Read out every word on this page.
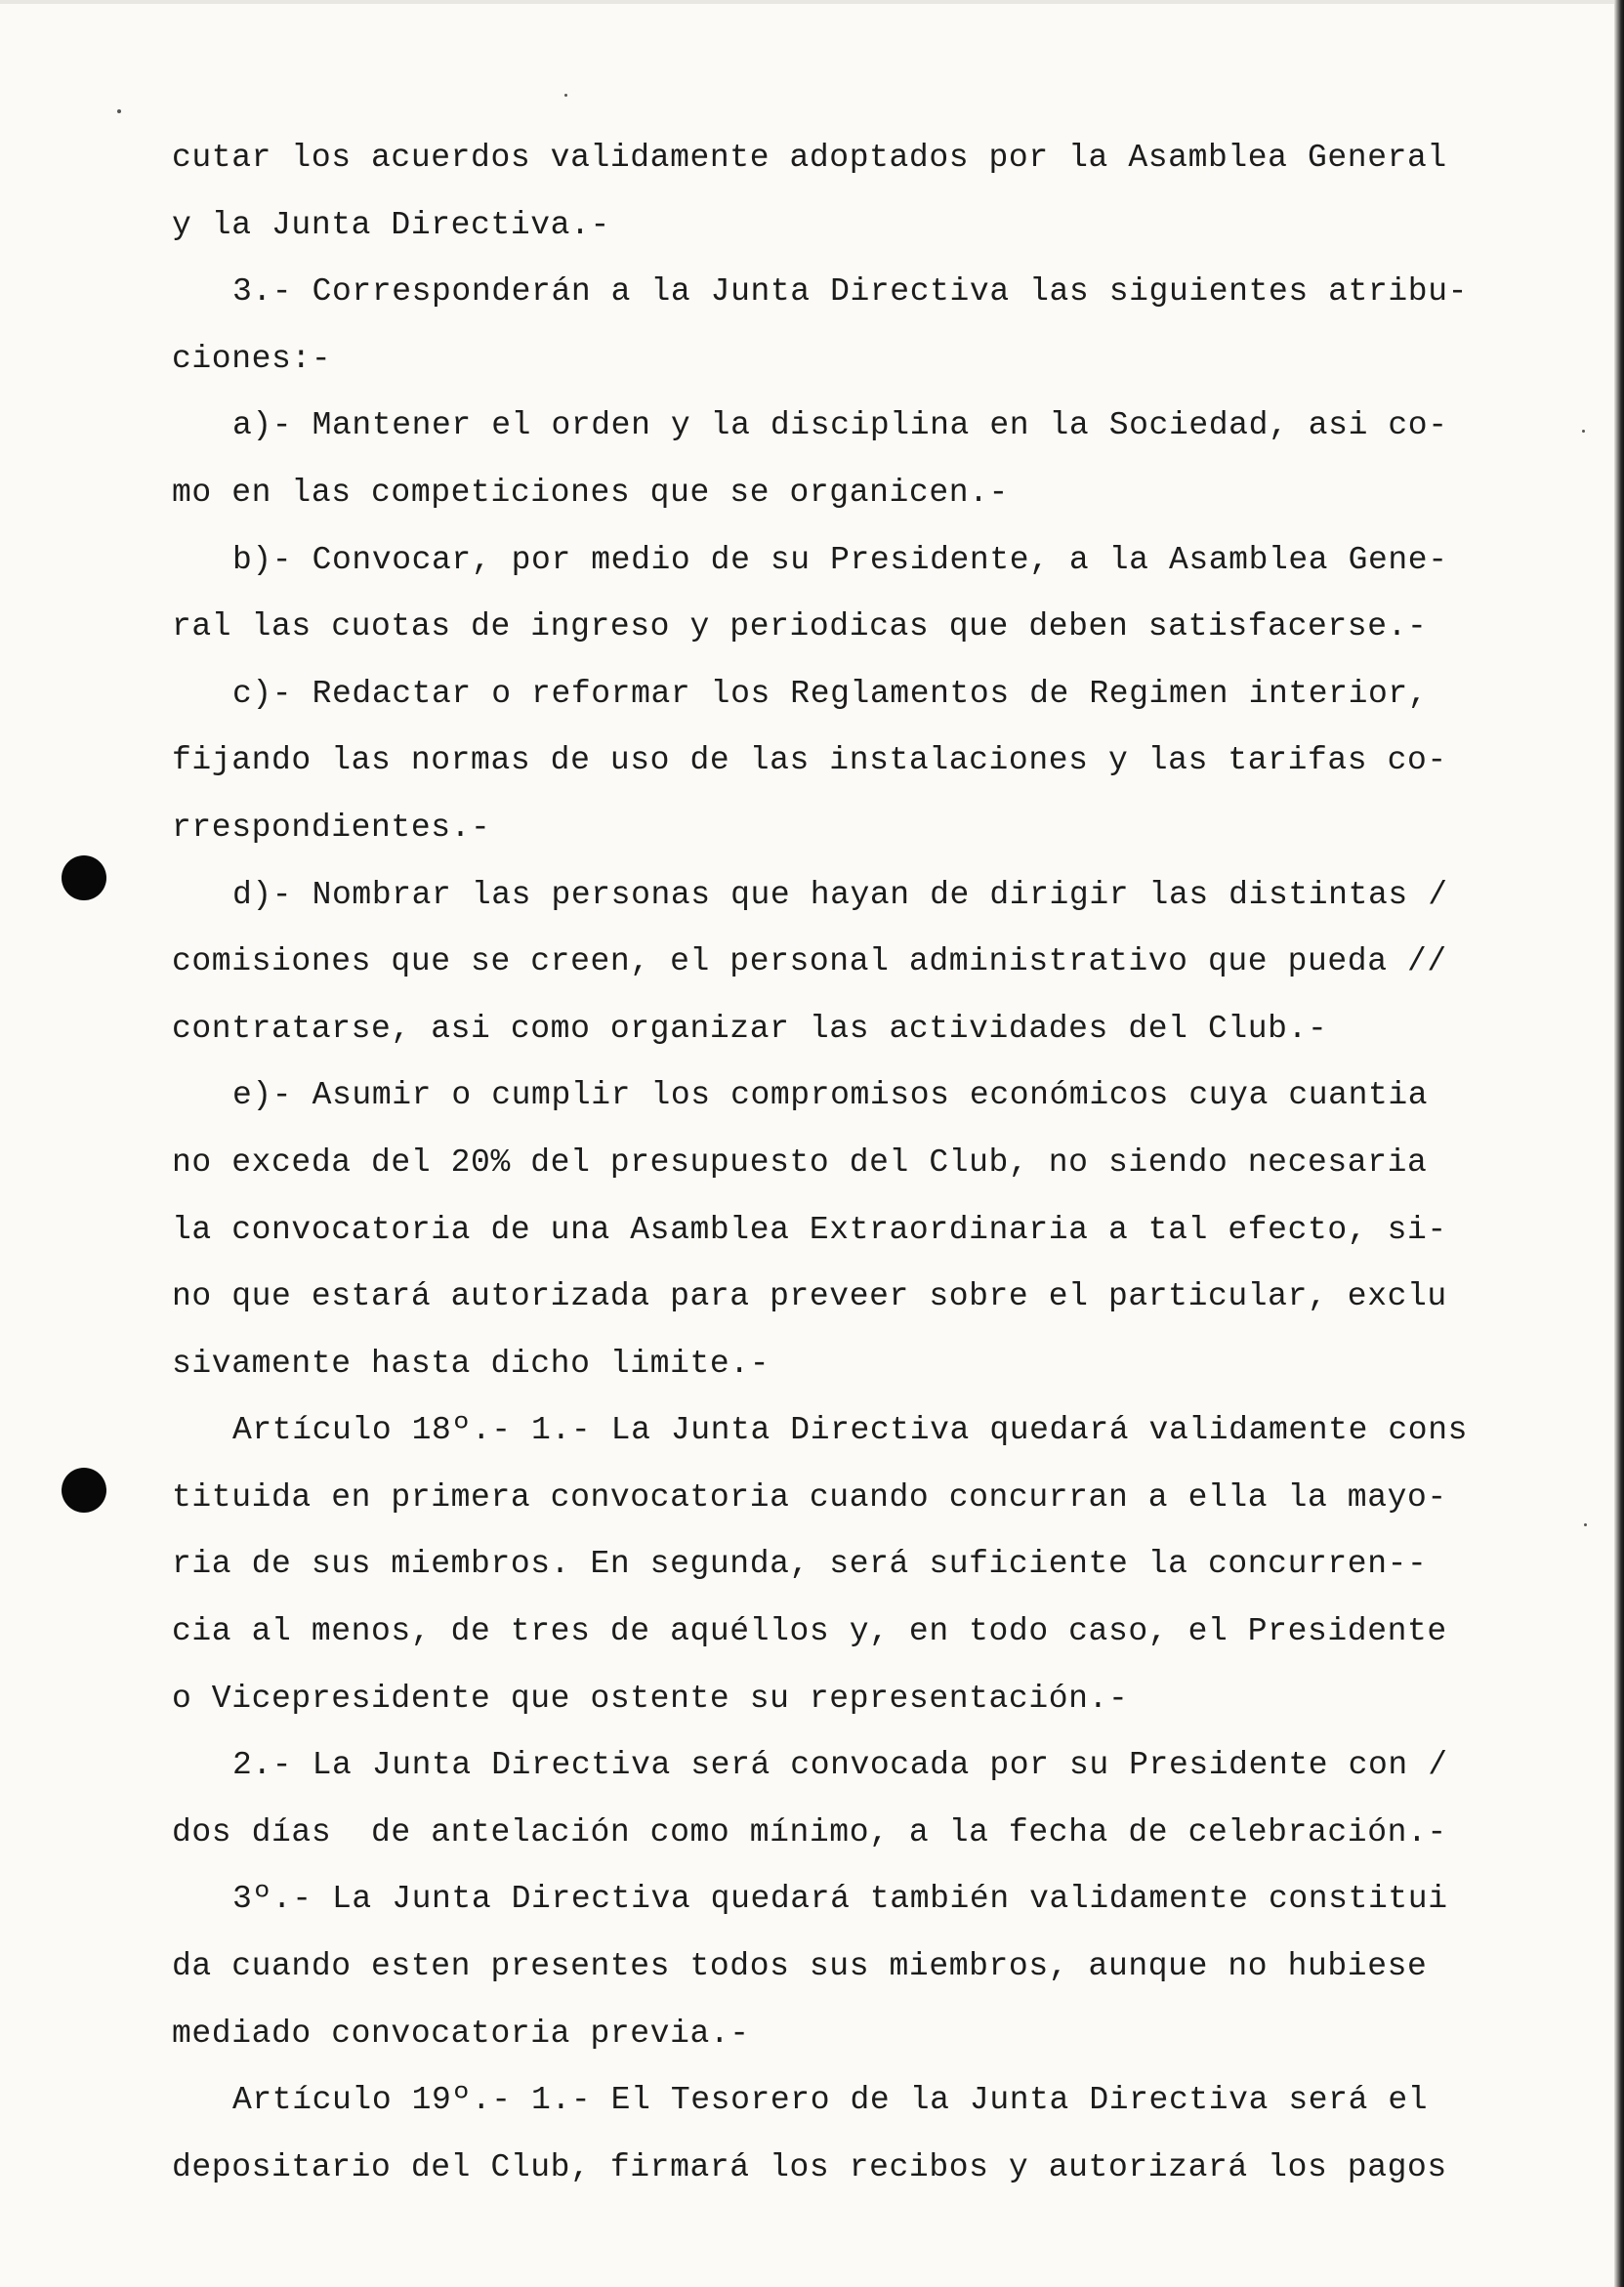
cutar los acuerdos validamente adoptados por la Asamblea General
y la Junta Directiva.-
3.- Corresponderán a la Junta Directiva las siguientes atribu-
ciones:-
a)- Mantener el orden y la disciplina en la Sociedad, asi co-
mo en las competiciones que se organicen.-
b)- Convocar, por medio de su Presidente, a la Asamblea Gene-
ral las cuotas de ingreso y periodicas que deben satisfacerse.-
c)- Redactar o reformar los Reglamentos de Regimen interior,
fijando las normas de uso de las instalaciones y las tarifas co-
rrespondientes.-
d)- Nombrar las personas que hayan de dirigir las distintas /
comisiones que se creen, el personal administrativo que pueda //
contratarse, asi como organizar las actividades del Club.-
e)- Asumir o cumplir los compromisos económicos cuya cuantia
no exceda del 20% del presupuesto del Club, no siendo necesaria
la convocatoria de una Asamblea Extraordinaria a tal efecto, si-
no que estará autorizada para preveer sobre el particular, exclu
sivamente hasta dicho limite.-
Artículo 18º.- 1.- La Junta Directiva quedará validamente cons
tituida en primera convocatoria cuando concurran a ella la mayo-
ria de sus miembros. En segunda, será suficiente la concurren--
cia al menos, de tres de aquéllos y, en todo caso, el Presidente
o Vicepresidente que ostente su representación.-
2.- La Junta Directiva será convocada por su Presidente con /
dos días  de antelación como mínimo, a la fecha de celebración.-
3º.- La Junta Directiva quedará también validamente constitui
da cuando esten presentes todos sus miembros, aunque no hubiese
mediado convocatoria previa.-
Artículo 19º.- 1.- El Tesorero de la Junta Directiva será el
depositario del Club, firmará los recibos y autorizará los pagos
